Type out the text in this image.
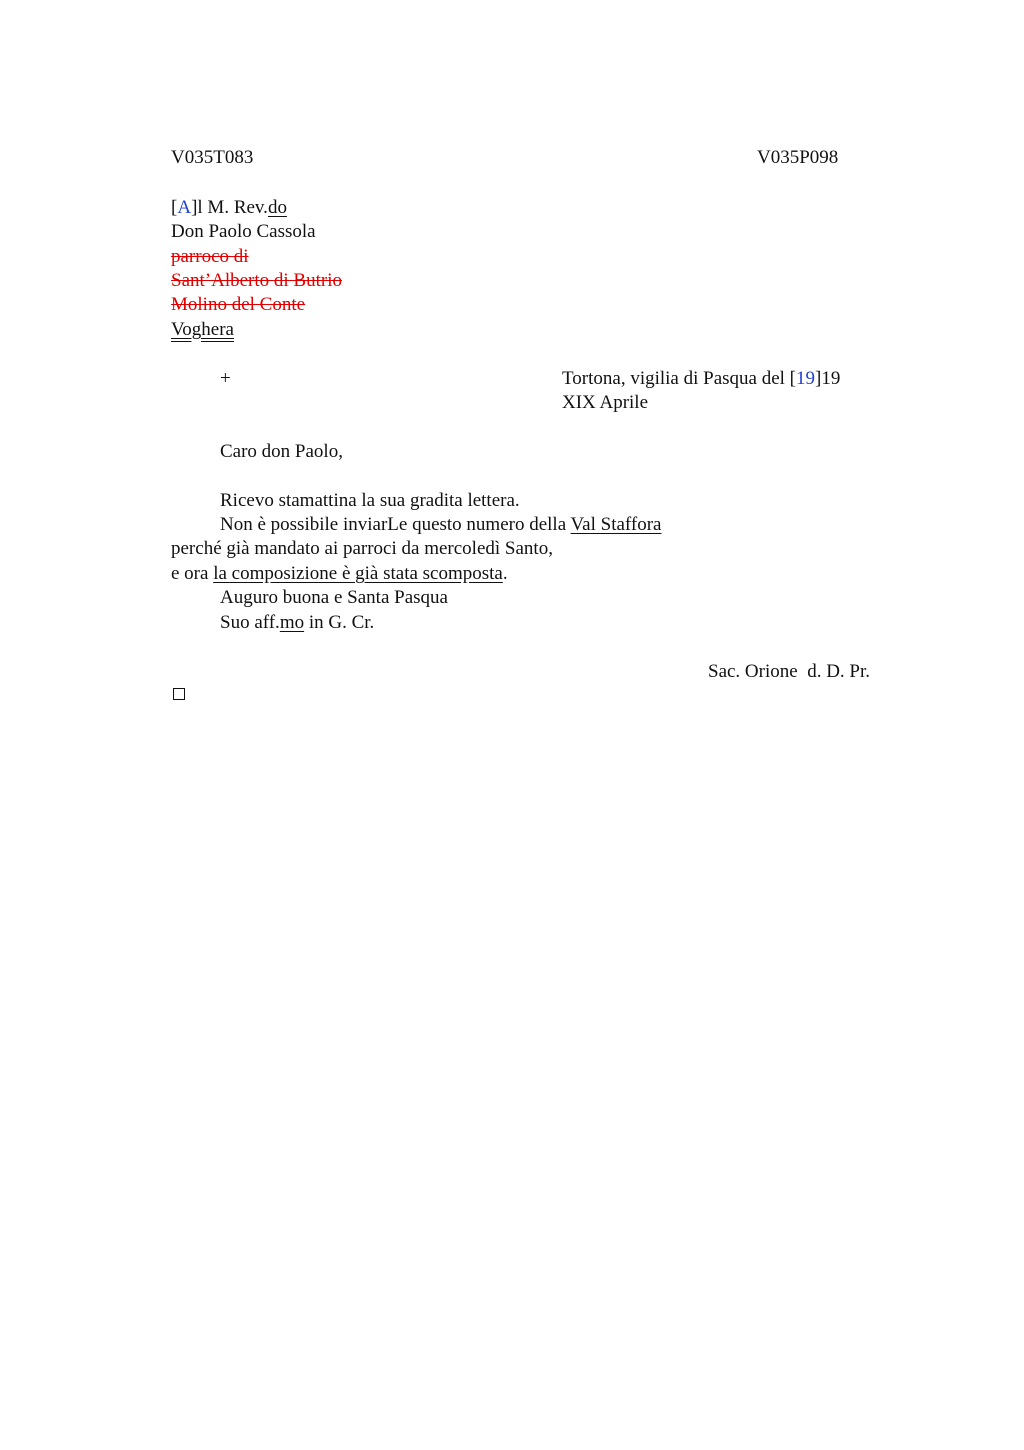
V035T083	V035P098
[A]l M. Rev.do
Don Paolo Cassola
parroco di
Sant’Alberto di Butrio
Molino del Conte
Voghera
+	Tortona, vigilia di Pasqua del [19]19
XIX Aprile
Caro don Paolo,
Ricevo stamattina la sua gradita lettera.
Non è possibile inviarLe questo numero della Val Staffora
perché già mandato ai parroci da mercoledì Santo,
e ora la composizione è già stata scomposta.
Auguro buona e Santa Pasqua
Suo aff.mo in G. Cr.
Sac. Orione  d. D. Pr.
